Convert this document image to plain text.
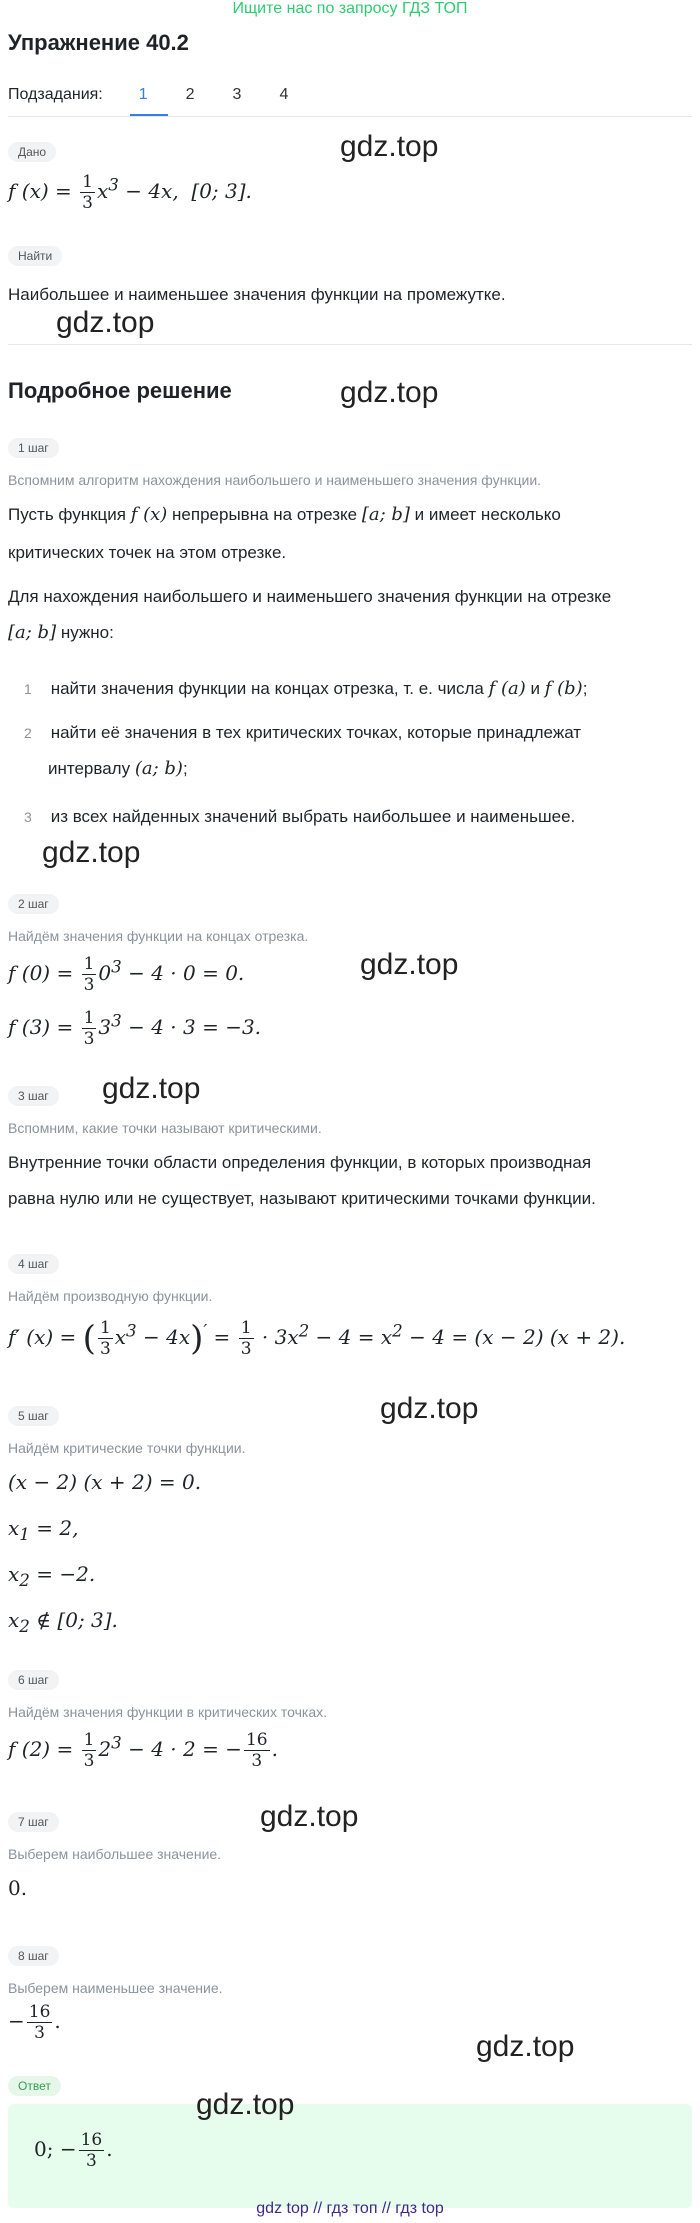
Ищите нас по запросу ГДЗ ТОП
Упражнение 40.2
Подзадания:	1	2	3	4
Дано	gdz.top
f $(x) = \frac{1}{3} x^3 - 4x$,  [0; 3].
Найти
Наибольшее и наименьшее значения функции на промежутке.
gdz.top
Подробное решение	gdz.top
1 шаг
Вспомним алгоритм нахождения наибольшего и наименьшего значения функции.
Пусть функция f (x) непрерывна на отрезке [a; b] и имеет несколько
критических точек на этом отрезке.
Для нахождения наибольшего и наименьшего значения функции на отрезке
[a; b] нужно:
1 найти значения функции на концах отрезка, т. е. числа f (a) и f (b);
2 найти её значения в тех критических точках, которые принадлежат
интервалу (a; b);
3 из всех найденных значений выбрать наибольшее и наименьшее.
gdz.top
2 шаг
Найдём значения функции на концах отрезка.
gdz.top
f $(0) = \frac{1}{3} 0^3 - 4 \cdot 0 = 0$.
f $(3) = \frac{1}{3} 3^3 - 4 \cdot 3 = -3$.
3 шаг	gdz.top
Вспомним, какие точки называют критическими.
Внутренние точки области определения функции, в которых производная
равна нулю или не существует, называют критическими точками функции.
4 шаг
Найдём производную функции.
f′ (x) = ( $\frac{1}{3} x^3 - 4x)' = \frac{1}{3} \cdot 3x^2 - 4 = x^2 - 4 = (x - 2)$ (x + 2).
5 шаг	gdz.top
Найдём критические точки функции.
(x − 2) (x + 2) = 0.
$x_1 = 2$,
$x_2 = -2$.
$x_2$ ∉ [0; 3].
6 шаг
Найдём значения функции в критических точках.
f $(2) = \frac{1}{3} 2^3 - 4 \cdot 2$ = − $\frac{16}{3}$ .
gdz.top
7 шаг
Выберем наибольшее значение.
0.
8 шаг
Выберем наименьшее значение.
− $\frac{16}{3}$ .
gdz.top
Ответ
gdz.top
0; − $\frac{16}{3}$ .
gdz top // гдз топ // гдз top
